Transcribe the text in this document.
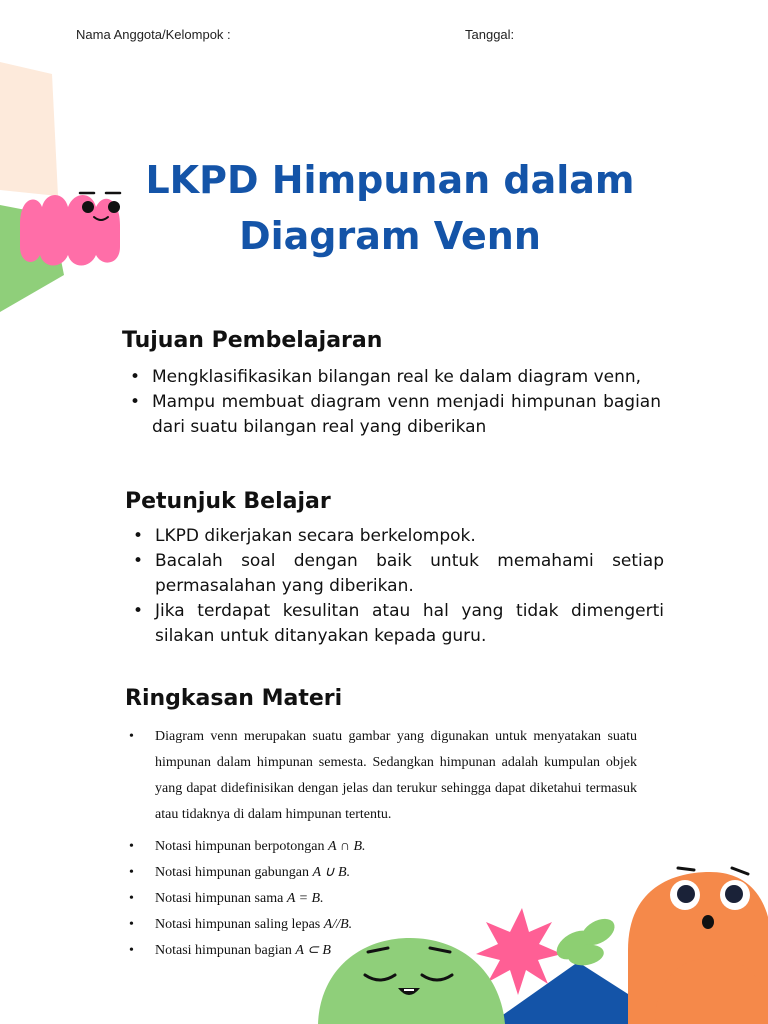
Nama Anggota/Kelompok :	Tanggal:
LKPD Himpunan dalam
Diagram Venn
Tujuan Pembelajaran
• Mengklasifikasikan bilangan real ke dalam diagram venn,
• Mampu membuat diagram venn menjadi himpunan bagian dari suatu bilangan real yang diberikan
Petunjuk Belajar
• LKPD dikerjakan secara berkelompok.
• Bacalah soal dengan baik untuk memahami setiap permasalahan yang diberikan.
• Jika terdapat kesulitan atau hal yang tidak dimengerti silakan untuk ditanyakan kepada guru.
Ringkasan Materi
• Diagram venn merupakan suatu gambar yang digunakan untuk menyatakan suatu himpunan dalam himpunan semesta. Sedangkan himpunan adalah kumpulan objek yang dapat didefinisikan dengan jelas dan terukur sehingga dapat diketahui termasuk atau tidaknya di dalam himpunan tertentu.
• Notasi himpunan berpotongan A ∩ B.
• Notasi himpunan gabungan A ∪ B.
• Notasi himpunan sama A = B.
• Notasi himpunan saling lepas A//B.
• Notasi himpunan bagian A ⊂ B
